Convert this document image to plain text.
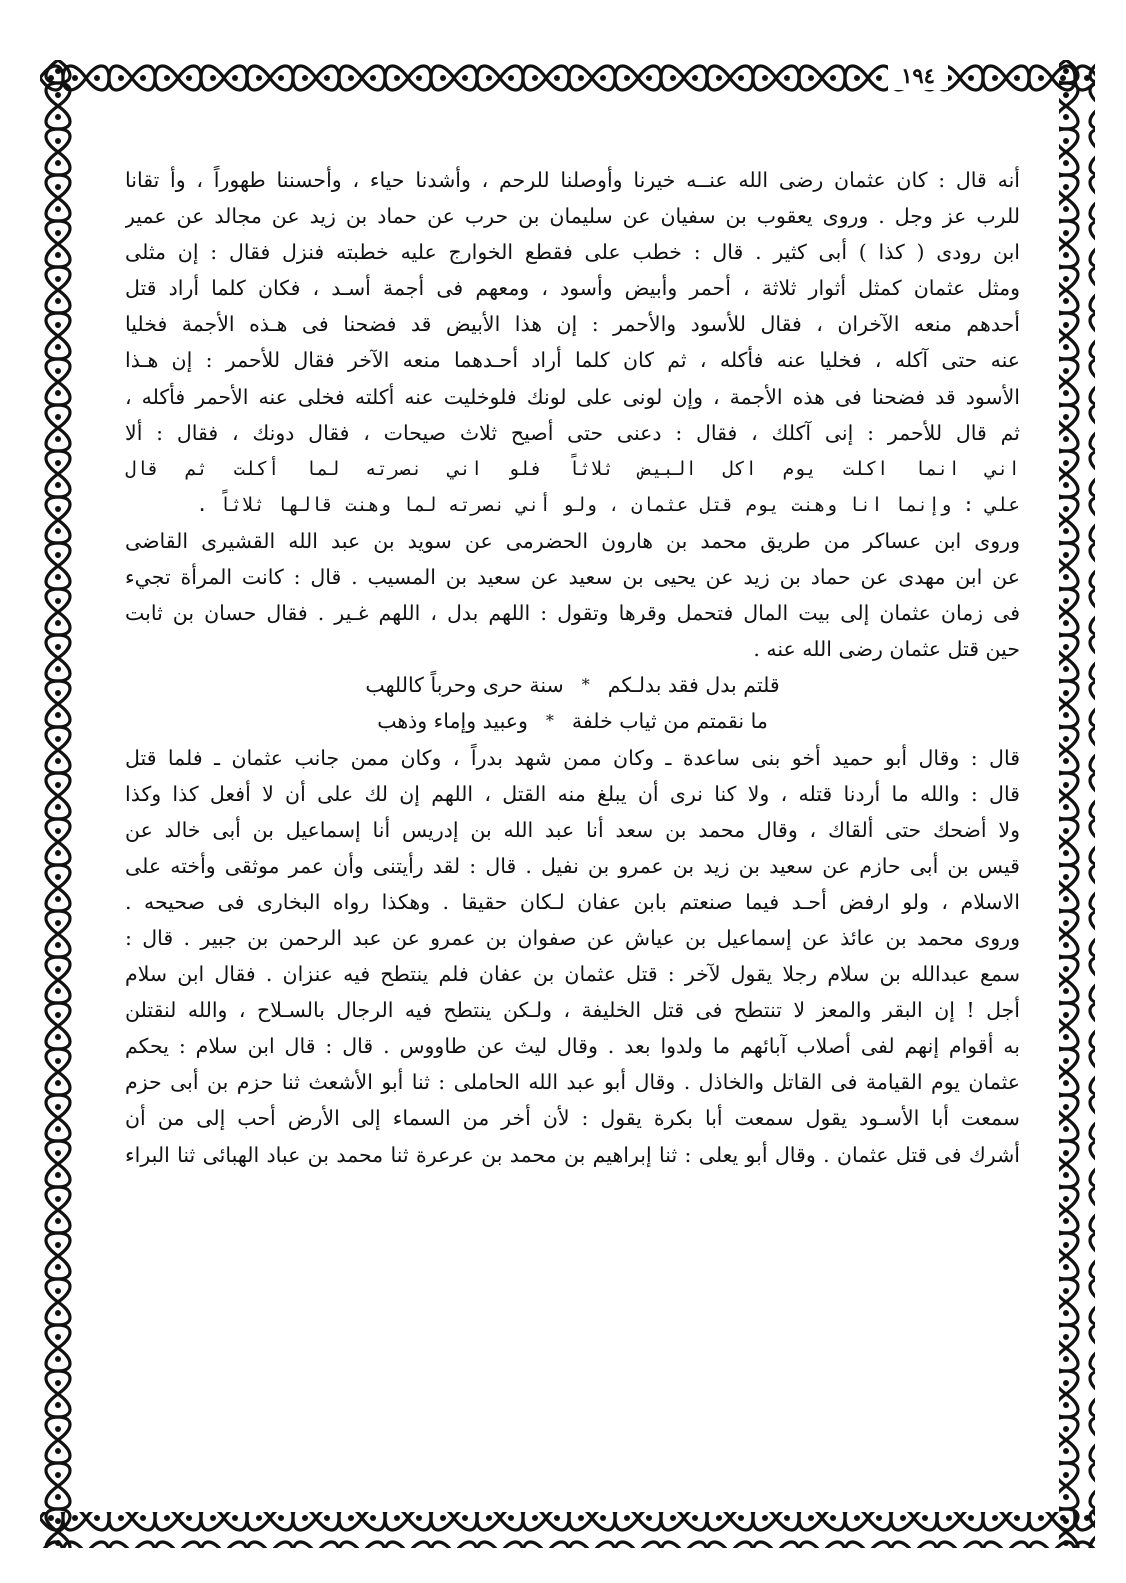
١٩٤
أنه قال : كان عثمان رضى الله عنــه خيرنا وأوصلنا للرحم ، وأشدنا حياء ، وأحسننا طهوراً ، وأ تقانا
للرب عز وجل . وروى يعقوب بن سفيان عن سليمان بن حرب عن حماد بن زيد عن مجالد عن عمير
ابن رودى ( كذا ) أبى كثير . قال : خطب على فقطع الخوارج عليه خطبته فنزل فقال : إن مثلى
ومثل عثمان كمثل أثوار ثلاثة ، أحمر وأبيض وأسود ، ومعهم فى أجمة أسـد ، فكان كلما أراد قتل
أحدهم منعه الآخران ، فقال للأسود والأحمر : إن هذا الأبيض قد فضحنا فى هـذه الأجمة فخليا
عنه حتى آكله ، فخليا عنه فأكله ، ثم كان كلما أراد أحـدهما منعه الآخر فقال للأحمر : إن هـذا
الأسود قد فضحنا فى هذه الأجمة ، وإن لونى على لونك فلوخليت عنه أكلته فخلى عنه الأحمر فأكله ،
ثم قال للأحمر : إنى آكلك ، فقال : دعنى حتى أصيح ثلاث صيحات ، فقال دونك ، فقال : ألا
اني انما اكلت يوم اكل البيض ثلاثاً فلو اني نصرته لما أكلت ثم قال
علي : وإنما انا وهنت يوم قتل عثمان ، ولو أني نصرته لما وهنت قالها ثلاثاً .
وروى ابن عساكر من طريق محمد بن هارون الحضرمى عن سويد بن عبد الله القشيرى القاضى
عن ابن مهدى عن حماد بن زيد عن يحيى بن سعيد عن سعيد بن المسيب . قال : كانت المرأة تجيء
فى زمان عثمان إلى بيت المال فتحمل وقرها وتقول : اللهم بدل ، اللهم غـير . فقال حسان بن ثابت
حين قتل عثمان رضى الله عنه .
قلتم بدل فقد بدلـكم
*
سنة حرى وحرباً كاللهب
ما نقمتم من ثياب خلفة
*
وعبيد وإماء وذهب
قال : وقال أبو حميد أخو بنى ساعدة ـ وكان ممن شهد بدراً ، وكان ممن جانب عثمان ـ فلما قتل
قال : والله ما أردنا قتله ، ولا كنا نرى أن يبلغ منه القتل ، اللهم إن لك على أن لا أفعل كذا وكذا
ولا أضحك حتى ألقاك ، وقال محمد بن سعد أنا عبد الله بن إدريس أنا إسماعيل بن أبى خالد عن
قيس بن أبى حازم عن سعيد بن زيد بن عمرو بن نفيل . قال : لقد رأيتنى وأن عمر موثقى وأخته على
الاسلام ، ولو ارفض أحـد فيما صنعتم بابن عفان لـكان حقيقا . وهكذا رواه البخارى فى صحيحه .
وروى محمد بن عائذ عن إسماعيل بن عياش عن صفوان بن عمرو عن عبد الرحمن بن جبير . قال :
سمع عبدالله بن سلام رجلا يقول لآخر : قتل عثمان بن عفان فلم ينتطح فيه عنزان . فقال ابن سلام
أجل ! إن البقر والمعز لا تنتطح فى قتل الخليفة ، ولـكن ينتطح فيه الرجال بالسـلاح ، والله لنقتلن
به أقوام إنهم لفى أصلاب آبائهم ما ولدوا بعد . وقال ليث عن طاووس . قال : قال ابن سلام : يحكم
عثمان يوم القيامة فى القاتل والخاذل . وقال أبو عبد الله الحاملى : ثنا أبو الأشعث ثنا حزم بن أبى حزم
سمعت أبا الأسـود يقول سمعت أبا بكرة يقول : لأن أخر من السماء إلى الأرض أحب إلى من أن
أشرك فى قتل عثمان . وقال أبو يعلى : ثنا إبراهيم بن محمد بن عرعرة ثنا محمد بن عباد الهبائى ثنا البراء
